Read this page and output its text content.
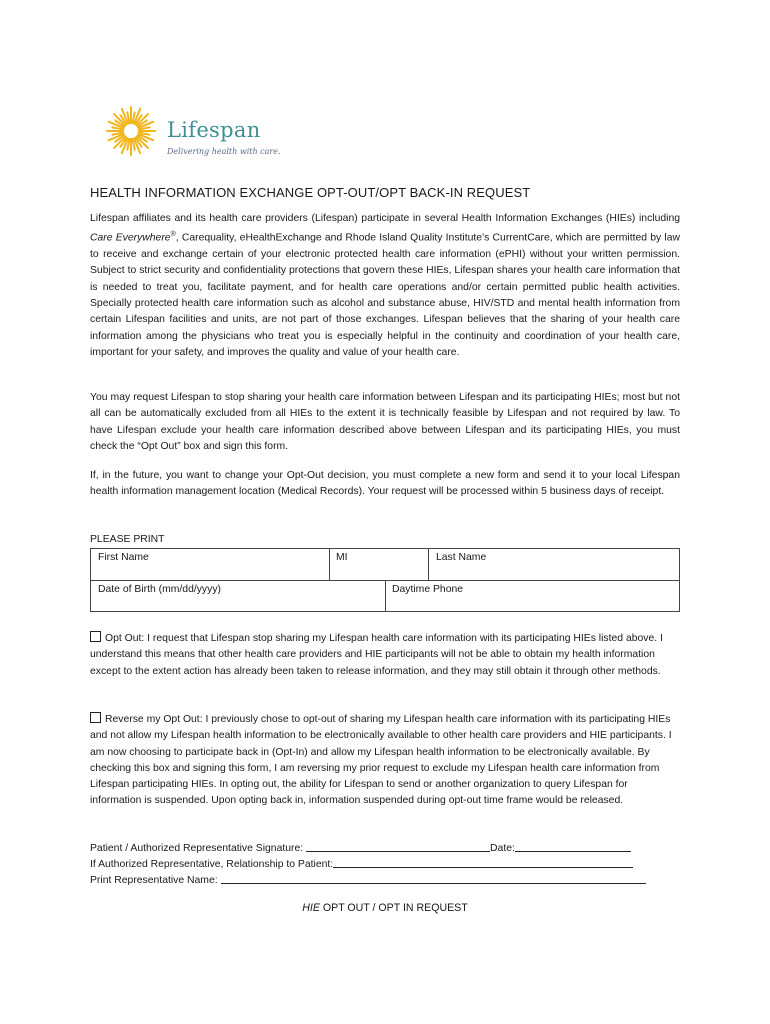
Lifespan
Delivering health with care.
HEALTH INFORMATION EXCHANGE OPT-OUT/OPT BACK-IN REQUEST

Lifespan affiliates and its health care providers (Lifespan) participate in several Health Information Exchanges (HIEs) including Care Everywhere®, Carequality, eHealthExchange and Rhode Island Quality Institute’s CurrentCare, which are permitted by law to receive and exchange certain of your electronic protected health care information (ePHI) without your written permission. Subject to strict security and confidentiality protections that govern these HIEs, Lifespan shares your health care information that is needed to treat you, facilitate payment, and for health care operations and/or certain permitted public health activities. Specially protected health care information such as alcohol and substance abuse, HIV/STD and mental health information from certain Lifespan facilities and units, are not part of those exchanges. Lifespan believes that the sharing of your health care information among the physicians who treat you is especially helpful in the continuity and coordination of your health care, important for your safety, and improves the quality and value of your health care.

You may request Lifespan to stop sharing your health care information between Lifespan and its participating HIEs; most but not all can be automatically excluded from all HIEs to the extent it is technically feasible by Lifespan and not required by law. To have Lifespan exclude your health care information described above between Lifespan and its participating HIEs, you must check the “Opt Out” box and sign this form.

If, in the future, you want to change your Opt-Out decision, you must complete a new form and send it to your local Lifespan health information management location (Medical Records). Your request will be processed within 5 business days of receipt.

PLEASE PRINT
First Name	MI	Last Name
Date of Birth (mm/dd/yyyy)	Daytime Phone

Opt Out: I request that Lifespan stop sharing my Lifespan health care information with its participating HIEs listed above. I understand this means that other health care providers and HIE participants will not be able to obtain my health information except to the extent action has already been taken to release information, and they may still obtain it through other methods.

Reverse my Opt Out: I previously chose to opt-out of sharing my Lifespan health care information with its participating HIEs and not allow my Lifespan health information to be electronically available to other health care providers and HIE participants. I am now choosing to participate back in (Opt-In) and allow my Lifespan health information to be electronically available. By checking this box and signing this form, I am reversing my prior request to exclude my Lifespan health care information from Lifespan participating HIEs. In opting out, the ability for Lifespan to send or another organization to query Lifespan for information is suspended. Upon opting back in, information suspended during opt-out time frame would be released.

Patient / Authorized Representative Signature:	Date:
If Authorized Representative, Relationship to Patient:
Print Representative Name:
HIE OPT OUT / OPT IN REQUEST
